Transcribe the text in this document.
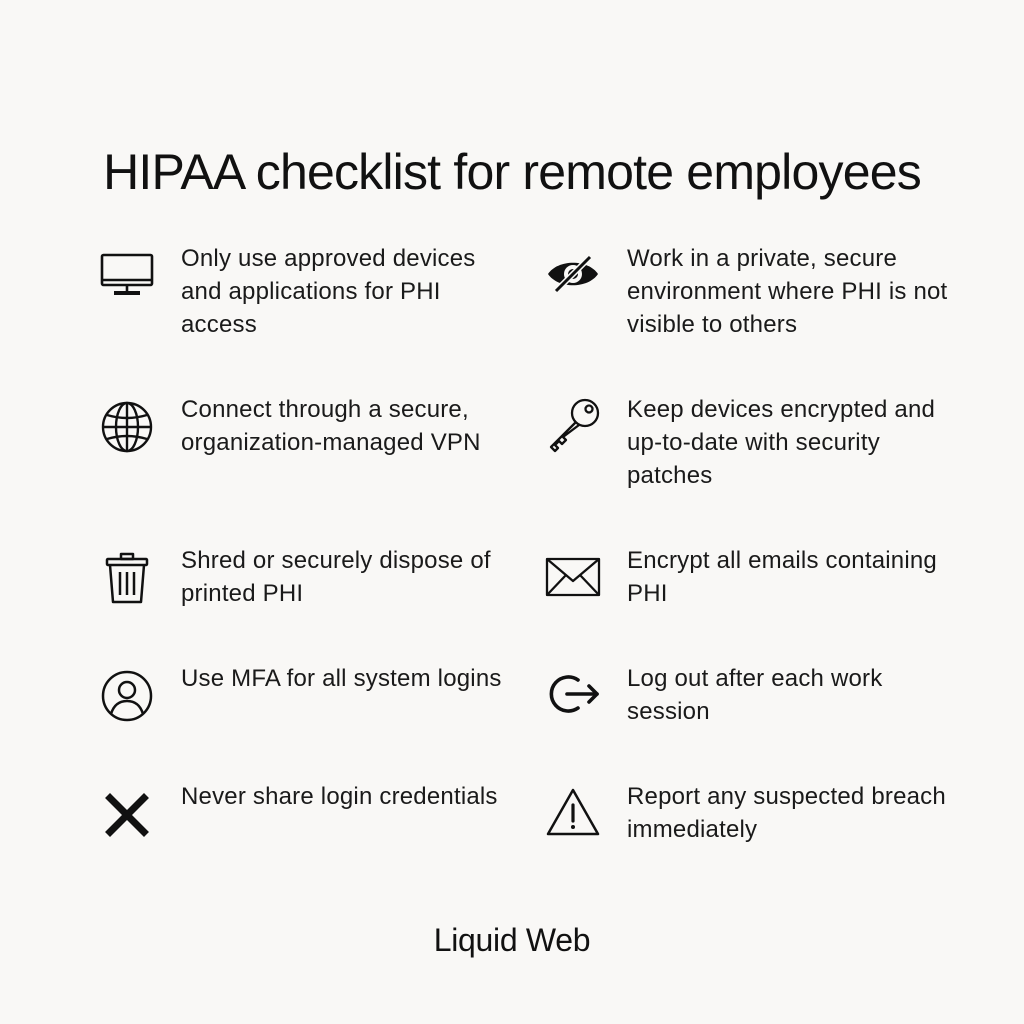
HIPAA checklist for remote employees
Only use approved devices and applications for PHI access
Work in a private, secure environment where PHI is not visible to others
Connect through a secure, organization-managed VPN
Keep devices encrypted and up-to-date with security patches
Shred or securely dispose of printed PHI
Encrypt all emails containing PHI
Use MFA for all system logins	Log out after each work session
Never share login credentials	Report any suspected breach immediately
Liquid Web
